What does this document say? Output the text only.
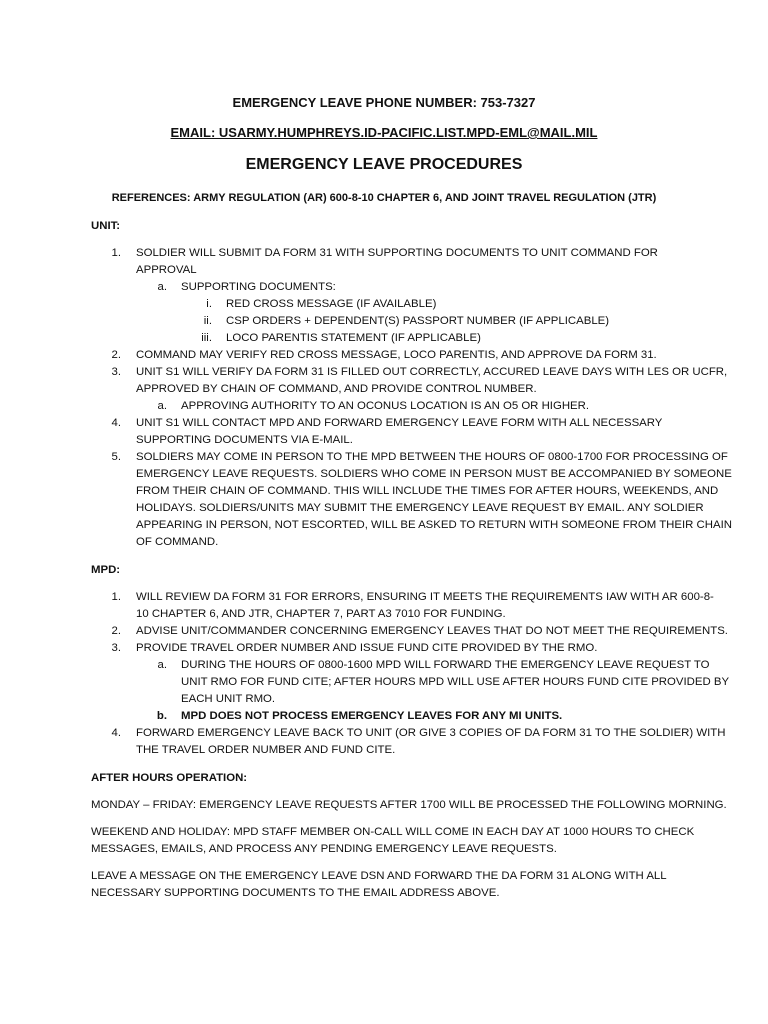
EMERGENCY LEAVE PHONE NUMBER: 753-7327
EMAIL: USARMY.HUMPHREYS.ID-PACIFIC.LIST.MPD-EML@MAIL.MIL
EMERGENCY LEAVE PROCEDURES
REFERENCES: ARMY REGULATION (AR) 600-8-10 CHAPTER 6, AND JOINT TRAVEL REGULATION (JTR)
UNIT:
1. SOLDIER WILL SUBMIT DA FORM 31 WITH SUPPORTING DOCUMENTS TO UNIT COMMAND FOR
APPROVAL
a. SUPPORTING DOCUMENTS:
i. RED CROSS MESSAGE (IF AVAILABLE)
ii. CSP ORDERS + DEPENDENT(S) PASSPORT NUMBER (IF APPLICABLE)
iii. LOCO PARENTIS STATEMENT (IF APPLICABLE)
2. COMMAND MAY VERIFY RED CROSS MESSAGE, LOCO PARENTIS, AND APPROVE DA FORM 31.
3. UNIT S1 WILL VERIFY DA FORM 31 IS FILLED OUT CORRECTLY, ACCURED LEAVE DAYS WITH LES OR UCFR,
APPROVED BY CHAIN OF COMMAND, AND PROVIDE CONTROL NUMBER.
a. APPROVING AUTHORITY TO AN OCONUS LOCATION IS AN O5 OR HIGHER.
4. UNIT S1 WILL CONTACT MPD AND FORWARD EMERGENCY LEAVE FORM WITH ALL NECESSARY
SUPPORTING DOCUMENTS VIA E-MAIL.
5. SOLDIERS MAY COME IN PERSON TO THE MPD BETWEEN THE HOURS OF 0800-1700 FOR PROCESSING OF
EMERGENCY LEAVE REQUESTS. SOLDIERS WHO COME IN PERSON MUST BE ACCOMPANIED BY SOMEONE
FROM THEIR CHAIN OF COMMAND. THIS WILL INCLUDE THE TIMES FOR AFTER HOURS, WEEKENDS, AND
HOLIDAYS. SOLDIERS/UNITS MAY SUBMIT THE EMERGENCY LEAVE REQUEST BY EMAIL. ANY SOLDIER
APPEARING IN PERSON, NOT ESCORTED, WILL BE ASKED TO RETURN WITH SOMEONE FROM THEIR CHAIN
OF COMMAND.
MPD:
1. WILL REVIEW DA FORM 31 FOR ERRORS, ENSURING IT MEETS THE REQUIREMENTS IAW WITH AR 600-8-
10 CHAPTER 6, AND JTR, CHAPTER 7, PART A3 7010 FOR FUNDING.
2. ADVISE UNIT/COMMANDER CONCERNING EMERGENCY LEAVES THAT DO NOT MEET THE REQUIREMENTS.
3. PROVIDE TRAVEL ORDER NUMBER AND ISSUE FUND CITE PROVIDED BY THE RMO.
a. DURING THE HOURS OF 0800-1600 MPD WILL FORWARD THE EMERGENCY LEAVE REQUEST TO
UNIT RMO FOR FUND CITE; AFTER HOURS MPD WILL USE AFTER HOURS FUND CITE PROVIDED BY
EACH UNIT RMO.
b. MPD DOES NOT PROCESS EMERGENCY LEAVES FOR ANY MI UNITS.
4. FORWARD EMERGENCY LEAVE BACK TO UNIT (OR GIVE 3 COPIES OF DA FORM 31 TO THE SOLDIER) WITH
THE TRAVEL ORDER NUMBER AND FUND CITE.
AFTER HOURS OPERATION:
MONDAY – FRIDAY: EMERGENCY LEAVE REQUESTS AFTER 1700 WILL BE PROCESSED THE FOLLOWING MORNING.
WEEKEND AND HOLIDAY: MPD STAFF MEMBER ON-CALL WILL COME IN EACH DAY AT 1000 HOURS TO CHECK
MESSAGES, EMAILS, AND PROCESS ANY PENDING EMERGENCY LEAVE REQUESTS.
LEAVE A MESSAGE ON THE EMERGENCY LEAVE DSN AND FORWARD THE DA FORM 31 ALONG WITH ALL
NECESSARY SUPPORTING DOCUMENTS TO THE EMAIL ADDRESS ABOVE.
